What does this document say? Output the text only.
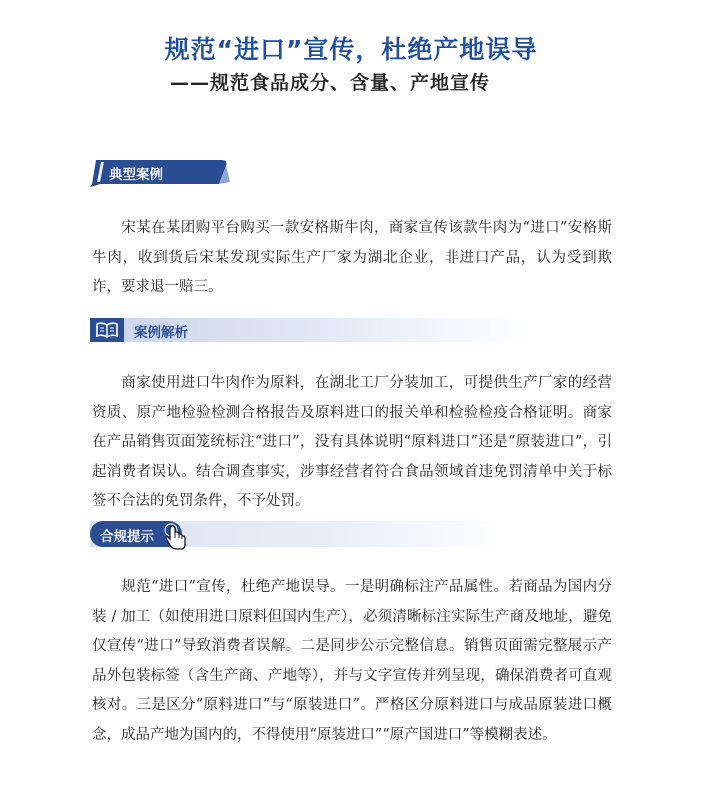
规范“进口”宣传，杜绝产地误导
——规范食品成分、含量、产地宣传
典型案例

宋某在某团购平台购买一款安格斯牛肉，商家宣传该款牛肉为“进口”安格斯牛肉，收到货后宋某发现实际生产厂家为湖北企业，非进口产品，认为受到欺诈，要求退一赔三。

案例解析

商家使用进口牛肉作为原料，在湖北工厂分装加工，可提供生产厂家的经营资质、原产地检验检测合格报告及原料进口的报关单和检验检疫合格证明。商家在产品销售页面笼统标注“进口”，没有具体说明“原料进口”还是“原装进口”，引起消费者误认。结合调查事实，涉事经营者符合食品领域首违免罚清单中关于标签不合法的免罚条件，不予处罚。

合规提示

规范“进口”宣传，杜绝产地误导。一是明确标注产品属性。若商品为国内分装 / 加工（如使用进口原料但国内生产），必须清晰标注实际生产商及地址，避免仅宣传“进口”导致消费者误解。二是同步公示完整信息。销售页面需完整展示产品外包装标签（含生产商、产地等），并与文字宣传并列呈现，确保消费者可直观核对。三是区分“原料进口”与“原装进口”。严格区分原料进口与成品原装进口概念，成品产地为国内的，不得使用“原装进口”“原产国进口”等模糊表述。
